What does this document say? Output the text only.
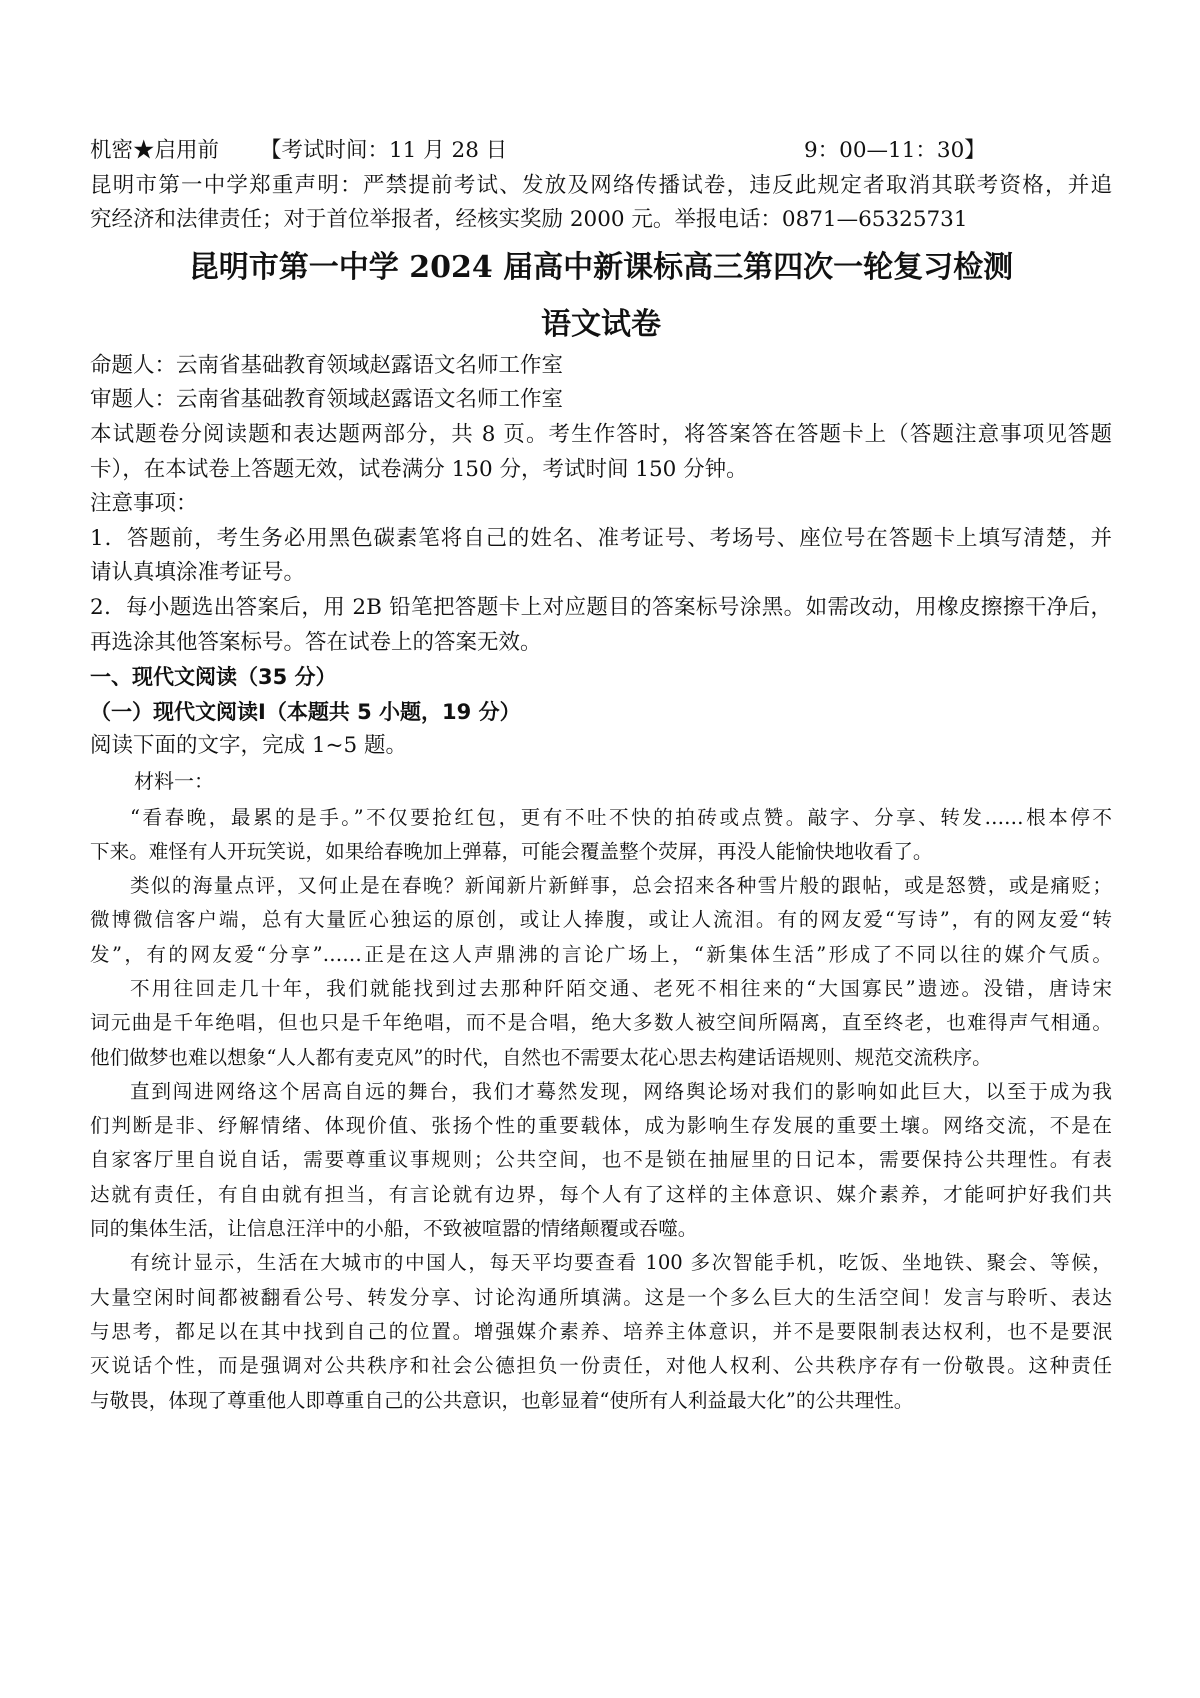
机密★启用前	【考试时间：11 月 28 日	9：00—11：30】
昆明市第一中学郑重声明：严禁提前考试、发放及网络传播试卷，违反此规定者取消其联考资格，并追
究经济和法律责任；对于首位举报者，经核实奖励 2000 元。举报电话：0871—65325731
昆明市第一中学 2024 届高中新课标高三第四次一轮复习检测
语文试卷
命题人：云南省基础教育领域赵露语文名师工作室
审题人：云南省基础教育领域赵露语文名师工作室
本试题卷分阅读题和表达题两部分，共 8 页。考生作答时，将答案答在答题卡上（答题注意事项见答题
卡），在本试卷上答题无效，试卷满分 150 分，考试时间 150 分钟。
注意事项：
1．答题前，考生务必用黑色碳素笔将自己的姓名、准考证号、考场号、座位号在答题卡上填写清楚，并
请认真填涂准考证号。
2．每小题选出答案后，用 2B 铅笔把答题卡上对应题目的答案标号涂黑。如需改动，用橡皮擦擦干净后，
再选涂其他答案标号。答在试卷上的答案无效。
一、现代文阅读（35 分）
（一）现代文阅读Ⅰ（本题共 5 小题，19 分）
阅读下面的文字，完成 1~5 题。
材料一：
“看春晚，最累的是手。”不仅要抢红包，更有不吐不快的拍砖或点赞。敲字、分享、转发……根本停不
下来。难怪有人开玩笑说，如果给春晚加上弹幕，可能会覆盖整个荧屏，再没人能愉快地收看了。
类似的海量点评，又何止是在春晚？新闻新片新鲜事，总会招来各种雪片般的跟帖，或是怒赞，或是痛贬；
微博微信客户端，总有大量匠心独运的原创，或让人捧腹，或让人流泪。有的网友爱“写诗”，有的网友爱“转
发”，有的网友爱“分享”……正是在这人声鼎沸的言论广场上，“新集体生活”形成了不同以往的媒介气质。
不用往回走几十年，我们就能找到过去那种阡陌交通、老死不相往来的“大国寡民”遗迹。没错，唐诗宋
词元曲是千年绝唱，但也只是千年绝唱，而不是合唱，绝大多数人被空间所隔离，直至终老，也难得声气相通。
他们做梦也难以想象“人人都有麦克风”的时代，自然也不需要太花心思去构建话语规则、规范交流秩序。
直到闯进网络这个居高自远的舞台，我们才蓦然发现，网络舆论场对我们的影响如此巨大，以至于成为我
们判断是非、纾解情绪、体现价值、张扬个性的重要载体，成为影响生存发展的重要土壤。网络交流，不是在
自家客厅里自说自话，需要尊重议事规则；公共空间，也不是锁在抽屉里的日记本，需要保持公共理性。有表
达就有责任，有自由就有担当，有言论就有边界，每个人有了这样的主体意识、媒介素养，才能呵护好我们共
同的集体生活，让信息汪洋中的小船，不致被喧嚣的情绪颠覆或吞噬。
有统计显示，生活在大城市的中国人，每天平均要查看 100 多次智能手机，吃饭、坐地铁、聚会、等候，
大量空闲时间都被翻看公号、转发分享、讨论沟通所填满。这是一个多么巨大的生活空间！发言与聆听、表达
与思考，都足以在其中找到自己的位置。增强媒介素养、培养主体意识，并不是要限制表达权利，也不是要泯
灭说话个性，而是强调对公共秩序和社会公德担负一份责任，对他人权利、公共秩序存有一份敬畏。这种责任
与敬畏，体现了尊重他人即尊重自己的公共意识，也彰显着“使所有人利益最大化”的公共理性。
